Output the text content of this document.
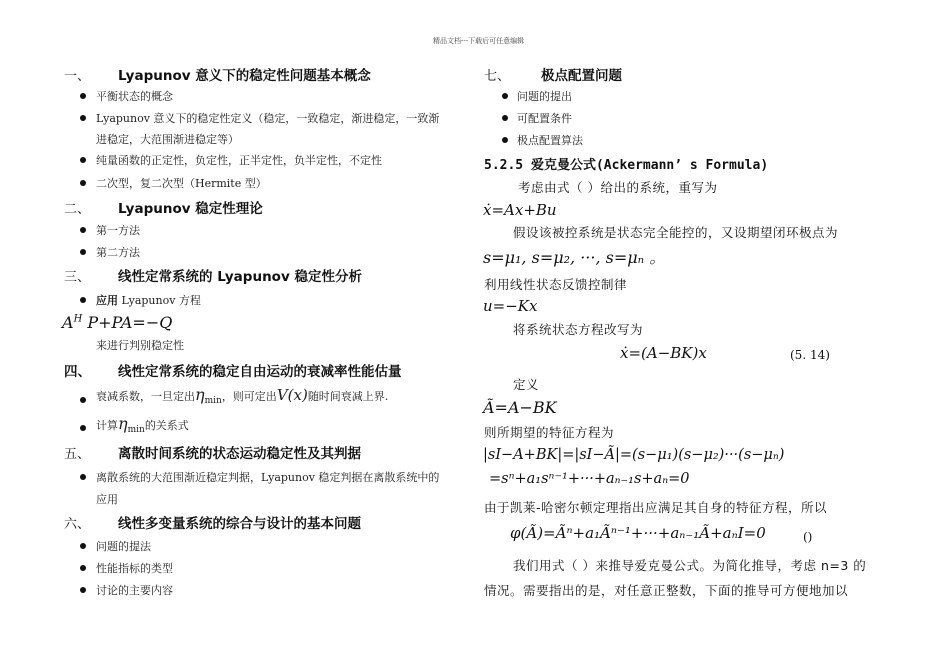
精品文档---下载后可任意编辑
一、 Lyapunov 意义下的稳定性问题基本概念
平衡状态的概念
Lyapunov 意义下的稳定性定义（稳定，一致稳定，渐进稳定，一致渐
进稳定，大范围渐进稳定等）
纯量函数的正定性，负定性，正半定性，负半定性，不定性
二次型，复二次型（Hermite 型）
二、 Lyapunov 稳定性理论
第一方法
第二方法
三、 线性定常系统的 Lyapunov 稳定性分析
应用 Lyapunov 方程
$A^H$ P+PA=−Q
来进行判别稳定性
四、 线性定常系统的稳定自由运动的衰减率性能估量
衰减系数，一旦定出$\eta_{min}$，则可定出V(x)随时间衰减上界.
计算$\eta_{min}$的关系式
五、 离散时间系统的状态运动稳定性及其判据
离散系统的大范围渐近稳定判据，Lyapunov 稳定判据在离散系统中的
应用
六、 线性多变量系统的综合与设计的基本问题
问题的提法
性能指标的类型
讨论的主要内容
七、 极点配置问题
问题的提出
可配置条件
极点配置算法
5.2.5 爱克曼公式(Ackermann’ s Formula)
考虑由式（ ）给出的系统，重写为
ẋ=Ax+Bu
假设该被控系统是状态完全能控的，又设期望闭环极点为
s=μ₁, s=μ₂, ···, s=μₙ 。
利用线性状态反馈控制律
u=−Kx
将系统状态方程改写为
ẋ=(A−BK)x	(5. 14)
定义
Ã=A−BK
则所期望的特征方程为
|sI−A+BK|=|sI−Ã|=(s−μ₁)(s−μ₂)···(s−μₙ)
=sⁿ+a₁sⁿ⁻¹+···+aₙ₋₁s+aₙ=0
由于凯莱-哈密尔顿定理指出应满足其自身的特征方程，所以
φ(Ã)=Ãⁿ+a₁Ãⁿ⁻¹+···+aₙ₋₁Ã+aₙI=0	()
我们用式（ ）来推导爱克曼公式。为简化推导，考虑 n=3 的
情况。需要指出的是，对任意正整数，下面的推导可方便地加以
